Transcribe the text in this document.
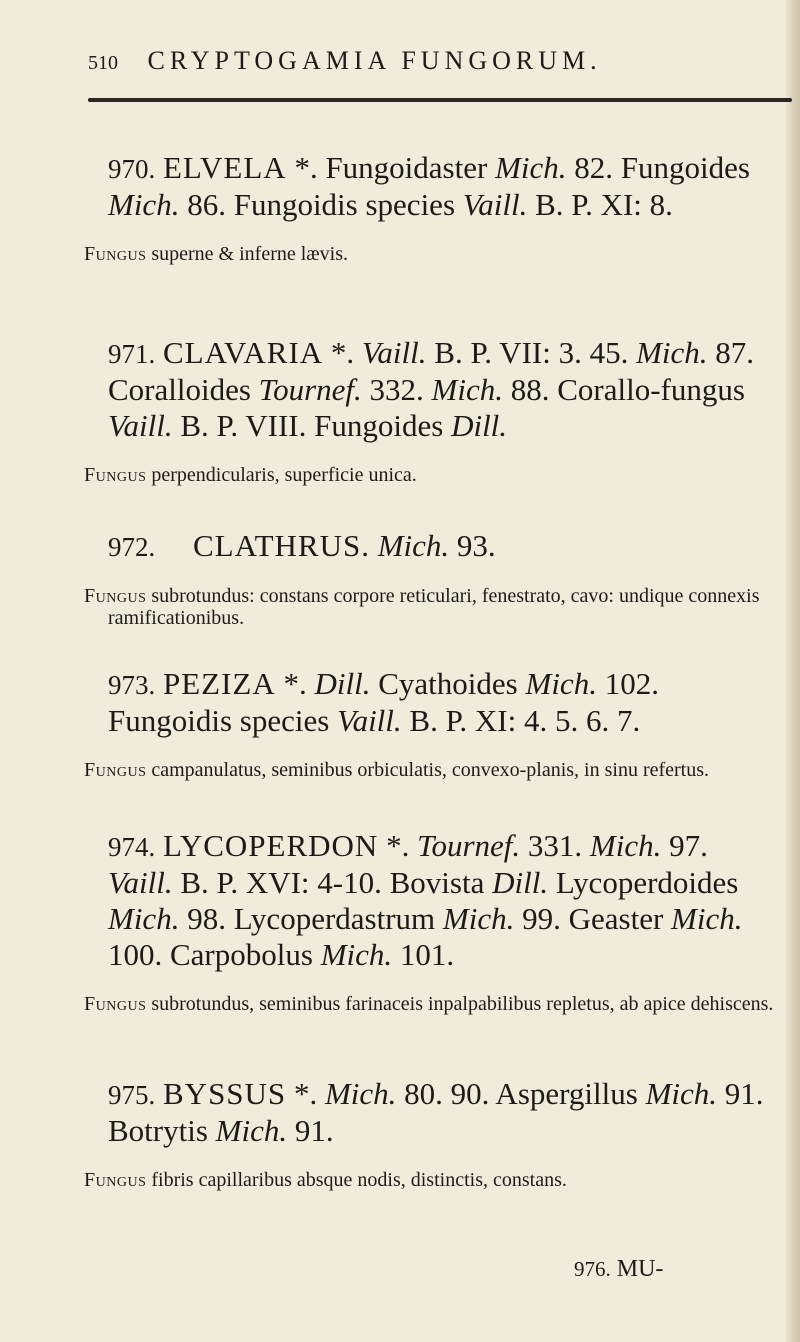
510 CRYPTOGAMIA FUNGORUM.
970. ELVELA *. Fungoidaster Mich. 82. Fungoides Mich. 86. Fungoidis species Vaill. B. P. XI: 8.
Fungus superne & inferne lævis.
971. CLAVARIA *. Vaill. B. P. VII: 3. 45. Mich. 87. Coralloides Tournef. 332. Mich. 88. Corallo-fungus Vaill. B. P. VIII. Fungoides Dill.
Fungus perpendicularis, superficie unica.
972. CLATHRUS. Mich. 93.
Fungus subrotundus: constans corpore reticulari, fenestrato, cavo: undique connexis ramificationibus.
973. PEZIZA *. Dill. Cyathoides Mich. 102. Fungoidis species Vaill. B. P. XI: 4. 5. 6. 7.
Fungus campanulatus, seminibus orbiculatis, convexo-planis, in sinu refertus.
974. LYCOPERDON *. Tournef. 331. Mich. 97. Vaill. B. P. XVI: 4-10. Bovista Dill. Lycoperdoides Mich. 98. Lycoperdastrum Mich. 99. Geaster Mich. 100. Carpobolus Mich. 101.
Fungus subrotundus, seminibus farinaceis inpalpabilibus repletus, ab apice dehiscens.
975. BYSSUS *. Mich. 80. 90. Aspergillus Mich. 91. Botrytis Mich. 91.
Fungus fibris capillaribus absque nodis, distinctis, constans.
976. MU-
